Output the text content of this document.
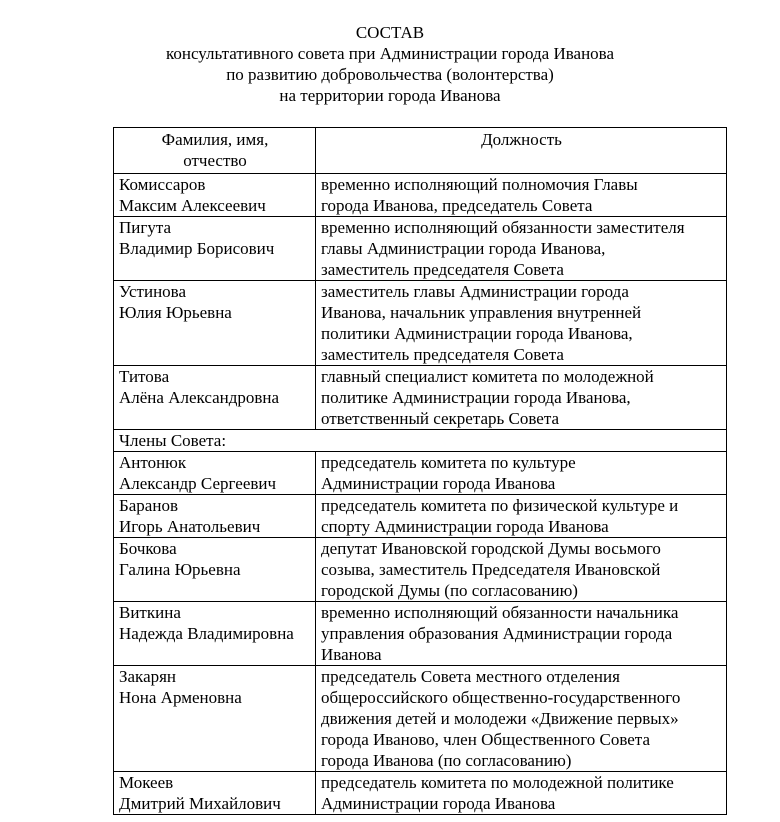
СОСТАВ
консультативного совета при Администрации города Иванова
по развитию добровольчества (волонтерства)
на территории города Иванова
Фамилия, имя,
отчество	Должность

Комиссаров
Максим Алексеевич	временно исполняющий полномочия Главы
города Иванова, председатель Совета

Пигута
Владимир Борисович	временно исполняющий обязанности заместителя
главы Администрации города Иванова,
заместитель председателя Совета

Устинова
Юлия Юрьевна	заместитель главы Администрации города
Иванова, начальник управления внутренней
политики Администрации города Иванова,
заместитель председателя Совета

Титова
Алёна Александровна	главный специалист комитета по молодежной
политике Администрации города Иванова,
ответственный секретарь Совета

Члены Совета:	

Антонюк
Александр Сергеевич	председатель комитета по культуре
Администрации города Иванова

Баранов
Игорь Анатольевич	председатель комитета по физической культуре и
спорту Администрации города Иванова

Бочкова
Галина Юрьевна	депутат Ивановской городской Думы восьмого
созыва, заместитель Председателя Ивановской
городской Думы (по согласованию)

Виткина
Надежда Владимировна	временно исполняющий обязанности начальника
управления образования Администрации города
Иванова

Закарян
Нона Арменовна	председатель Совета местного отделения
общероссийского общественно-государственного
движения детей и молодежи «Движение первых»
города Иваново, член Общественного Совета
города Иванова (по согласованию)

Мокеев
Дмитрий Михайлович	председатель комитета по молодежной политике
Администрации города Иванова
